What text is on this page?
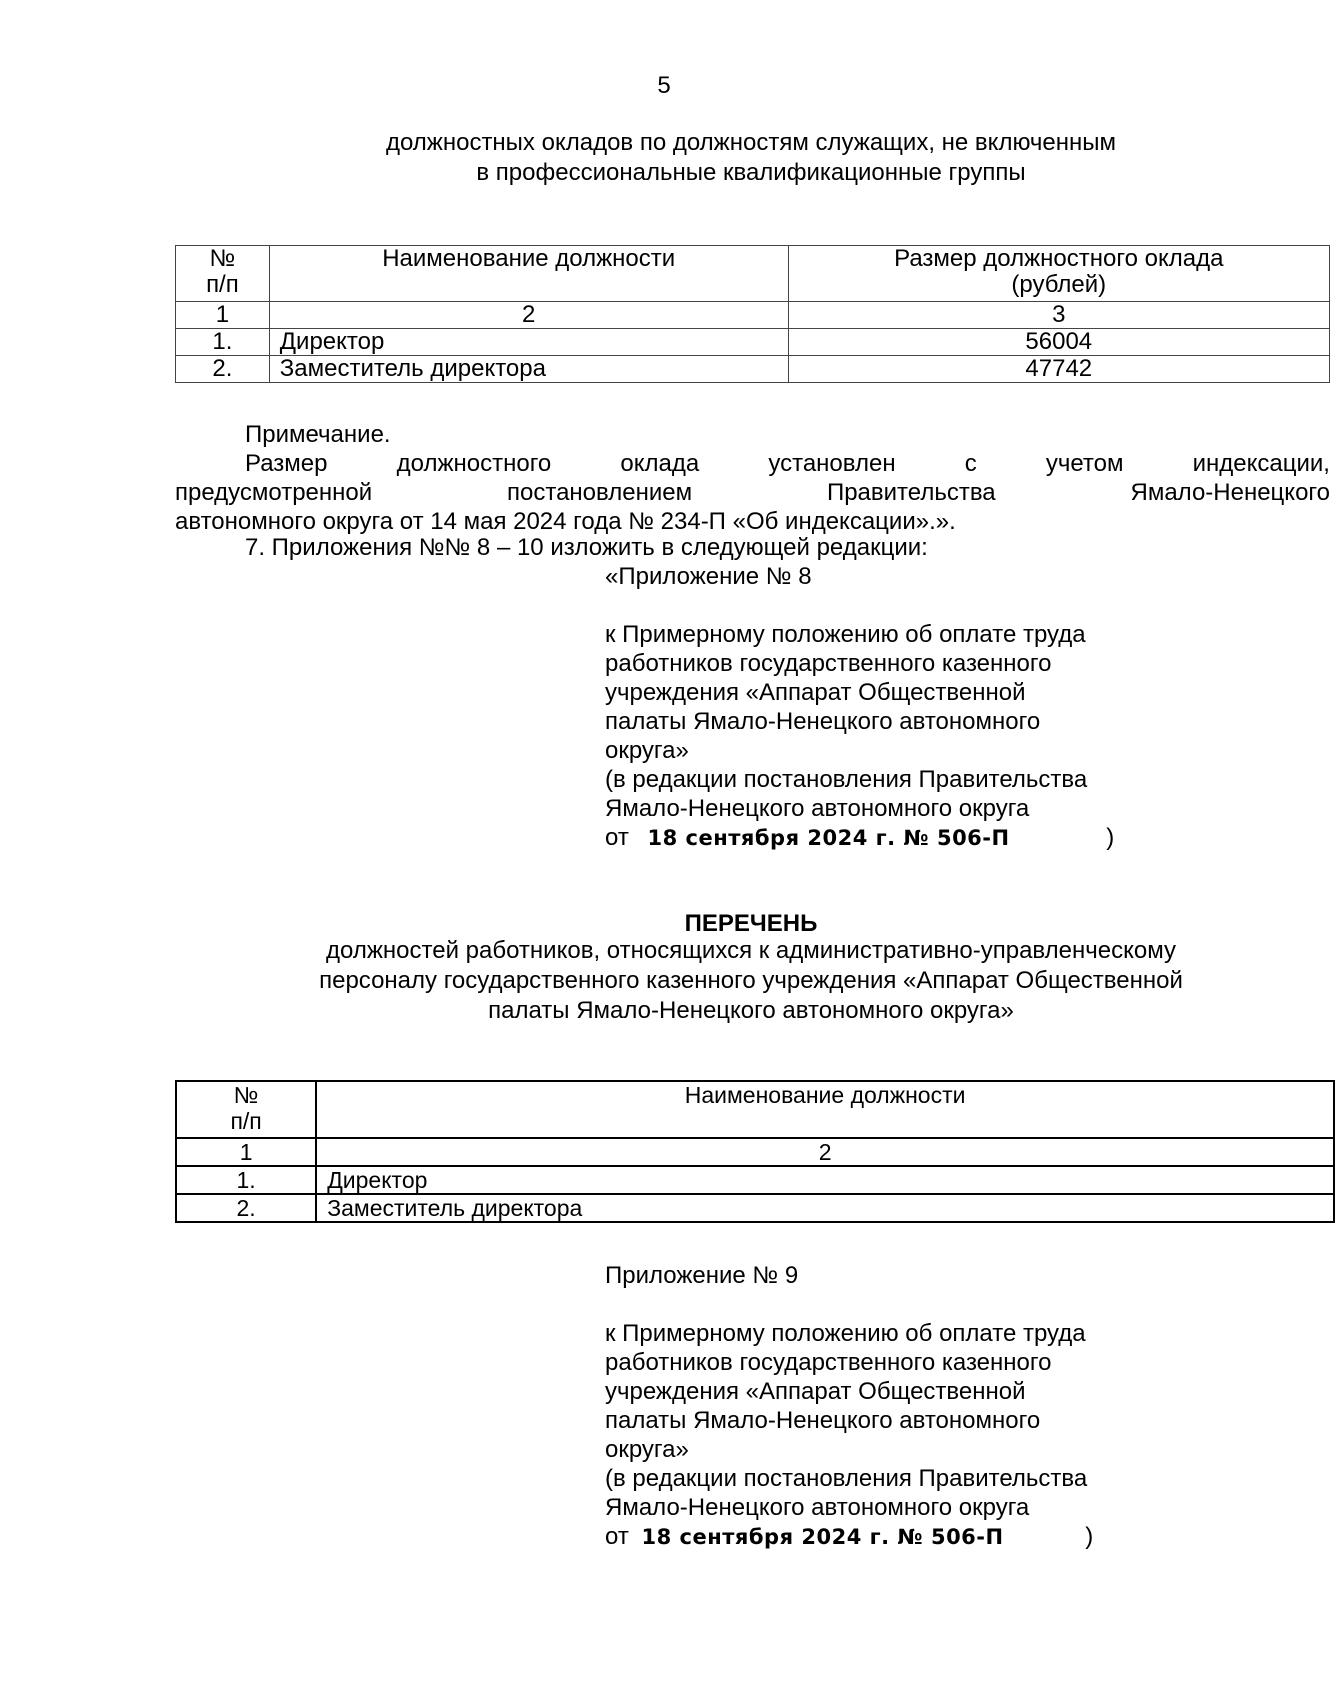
5
должностных окладов по должностям служащих, не включенным
в профессиональные квалификационные группы
№
п/п	Наименование должности	Размер должностного оклада
(рублей)
1	2	3
1.	Директор	56004
2.	Заместитель директора	47742
Примечание.
Размер	должностного	оклада	установлен	с	учетом	индексации,
предусмотренной	постановлением	Правительства	Ямало-Ненецкого
автономного округа от 14 мая 2024 года № 234-П «Об индексации».».
7. Приложения №№ 8 – 10 изложить в следующей редакции:
«Приложение № 8
к Примерному положению об оплате труда
работников государственного казенного
учреждения «Аппарат Общественной
палаты Ямало-Ненецкого автономного
округа»
(в редакции постановления Правительства
Ямало-Ненецкого автономного округа
от 18 сентября 2024 г. № 506-П	)
ПЕРЕЧЕНЬ
должностей работников, относящихся к административно-управленческому
персоналу государственного казенного учреждения «Аппарат Общественной
палаты Ямало-Ненецкого автономного округа»
№
п/п	Наименование должности
1	2
1.	Директор
2.	Заместитель директора
Приложение № 9
к Примерному положению об оплате труда
работников государственного казенного
учреждения «Аппарат Общественной
палаты Ямало-Ненецкого автономного
округа»
(в редакции постановления Правительства
Ямало-Ненецкого автономного округа
от 18 сентября 2024 г. № 506-П	)
